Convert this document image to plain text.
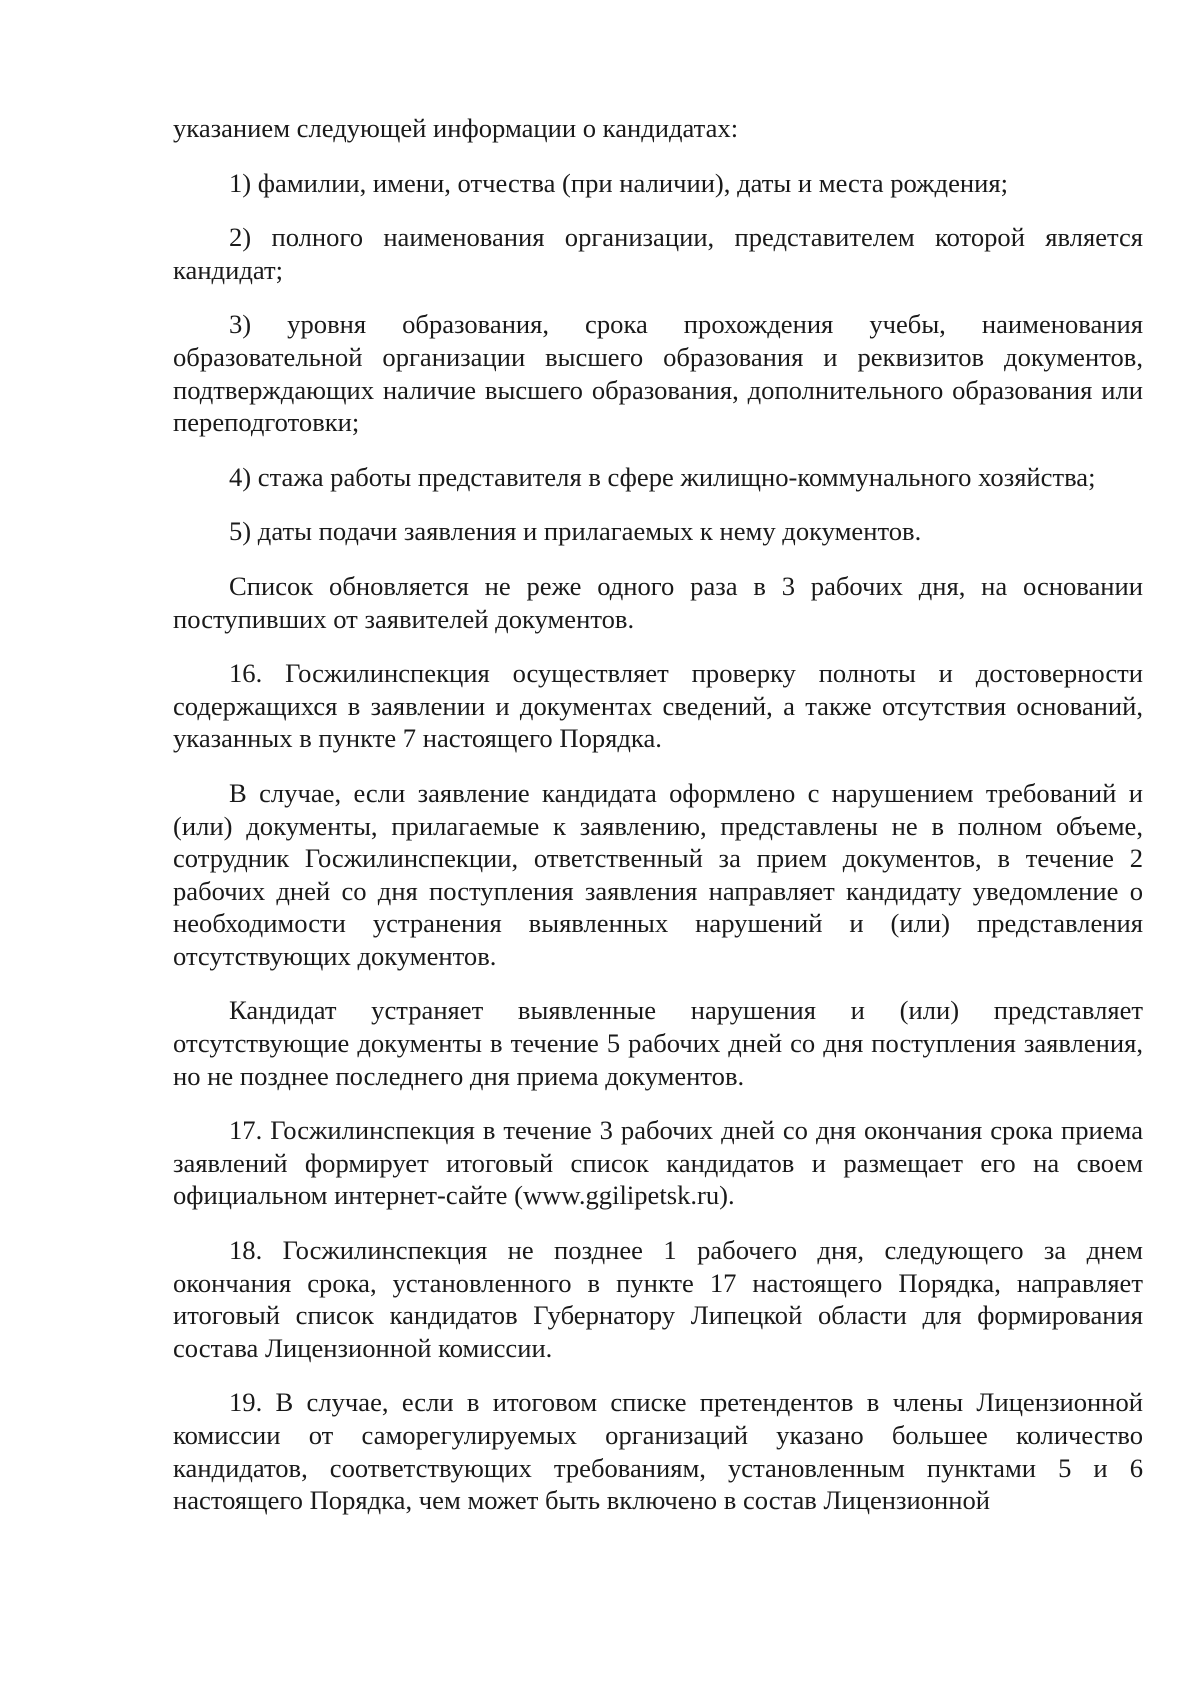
указанием следующей информации о кандидатах:

1) фамилии, имени, отчества (при наличии), даты и места рождения;

2) полного наименования организации, представителем которой является кандидат;

3) уровня образования, срока прохождения учебы, наименования образовательной организации высшего образования и реквизитов документов, подтверждающих наличие высшего образования, дополнительного образования или переподготовки;

4) стажа работы представителя в сфере жилищно-коммунального хозяйства;

5) даты подачи заявления и прилагаемых к нему документов.

Список обновляется не реже одного раза в 3 рабочих дня, на основании поступивших от заявителей документов.

16. Госжилинспекция осуществляет проверку полноты и достоверности содержащихся в заявлении и документах сведений, а также отсутствия оснований, указанных в пункте 7 настоящего Порядка.

В случае, если заявление кандидата оформлено с нарушением требований и (или) документы, прилагаемые к заявлению, представлены не в полном объеме, сотрудник Госжилинспекции, ответственный за прием документов, в течение 2 рабочих дней со дня поступления заявления направляет кандидату уведомление о необходимости устранения выявленных нарушений и (или) представления отсутствующих документов.

Кандидат устраняет выявленные нарушения и (или) представляет отсутствующие документы в течение 5 рабочих дней со дня поступления заявления, но не позднее последнего дня приема документов.

17. Госжилинспекция в течение 3 рабочих дней со дня окончания срока приема заявлений формирует итоговый список кандидатов и размещает его на своем официальном интернет-сайте (www.ggilipetsk.ru).

18. Госжилинспекция не позднее 1 рабочего дня, следующего за днем окончания срока, установленного в пункте 17 настоящего Порядка, направляет итоговый список кандидатов Губернатору Липецкой области для формирования состава Лицензионной комиссии.

19. В случае, если в итоговом списке претендентов в члены Лицензионной комиссии от саморегулируемых организаций указано большее количество кандидатов, соответствующих требованиям, установленным пунктами 5 и 6 настоящего Порядка, чем может быть включено в состав Лицензионной
